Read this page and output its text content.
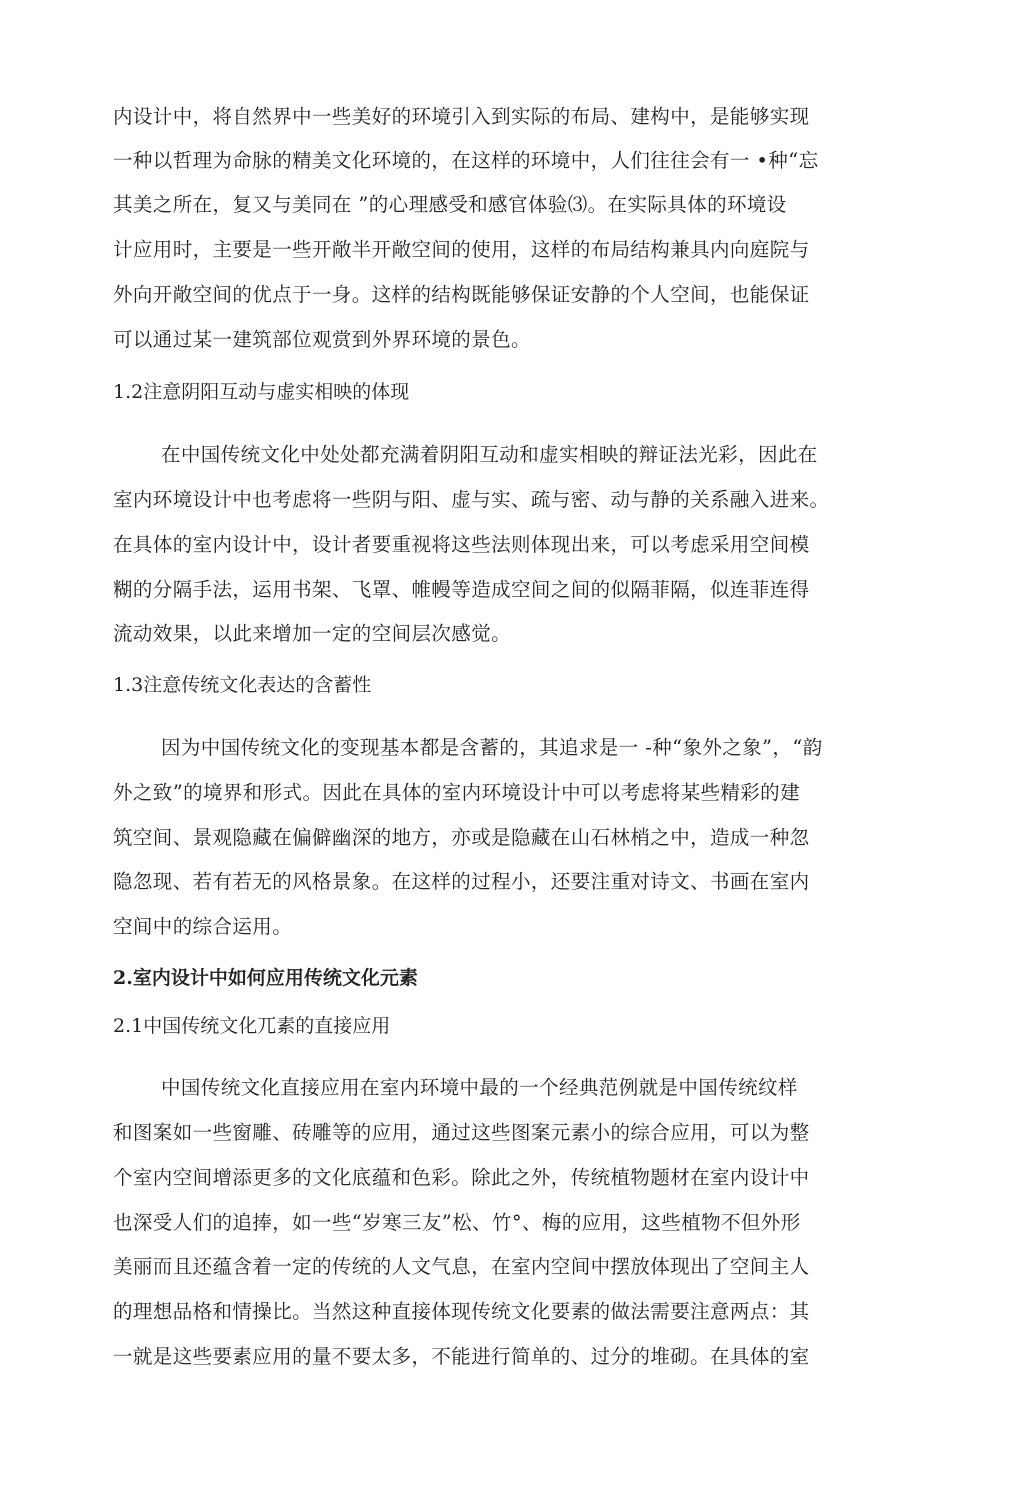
内设计中，将自然界中一些美好的环境引入到实际的布局、建构中，是能够实现
一种以哲理为命脉的精美文化环境的，在这样的环境中，人们往往会有一 •种“忘
其美之所在，复又与美同在 ”的心理感受和感官体验⑶。在实际具体的环境设
计应用时，主要是一些开敞半开敞空间的使用，这样的布局结构兼具内向庭院与
外向开敞空间的优点于一身。这样的结构既能够保证安静的个人空间，也能保证
可以通过某一建筑部位观赏到外界环境的景色。
1.2注意阴阳互动与虚实相映的体现
在中国传统文化中处处都充满着阴阳互动和虚实相映的辩证法光彩，因此在
室内环境设计中也考虑将一些阴与阳、虚与实、疏与密、动与静的关系融入进来。
在具体的室内设计中，设计者要重视将这些法则体现出来，可以考虑采用空间模
糊的分隔手法，运用书架、飞罩、帷幔等造成空间之间的似隔菲隔，似连菲连得
流动效果，以此来增加一定的空间层次感觉。
1.3注意传统文化表达的含蓄性
因为中国传统文化的变现基本都是含蓄的，其追求是一 -种“象外之象”，“韵
外之致”的境界和形式。因此在具体的室内环境设计中可以考虑将某些精彩的建
筑空间、景观隐藏在偏僻幽深的地方，亦或是隐藏在山石林梢之中，造成一种忽
隐忽现、若有若无的风格景象。在这样的过程小，还要注重对诗文、书画在室内
空间中的综合运用。
2.室内设计中如何应用传统文化元素
2.1中国传统文化兀素的直接应用
中国传统文化直接应用在室内环境中最的一个经典范例就是中国传统纹样
和图案如一些窗雕、砖雕等的应用，通过这些图案元素小的综合应用，可以为整
个室内空间增添更多的文化底蕴和色彩。除此之外，传统植物题材在室内设计中
也深受人们的追捧，如一些“岁寒三友”松、竹°、梅的应用，这些植物不但外形
美丽而且还蕴含着一定的传统的人文气息，在室内空间中摆放体现出了空间主人
的理想品格和情操比。当然这种直接体现传统文化要素的做法需要注意两点：其
一就是这些要素应用的量不要太多，不能进行简单的、过分的堆砌。在具体的室
